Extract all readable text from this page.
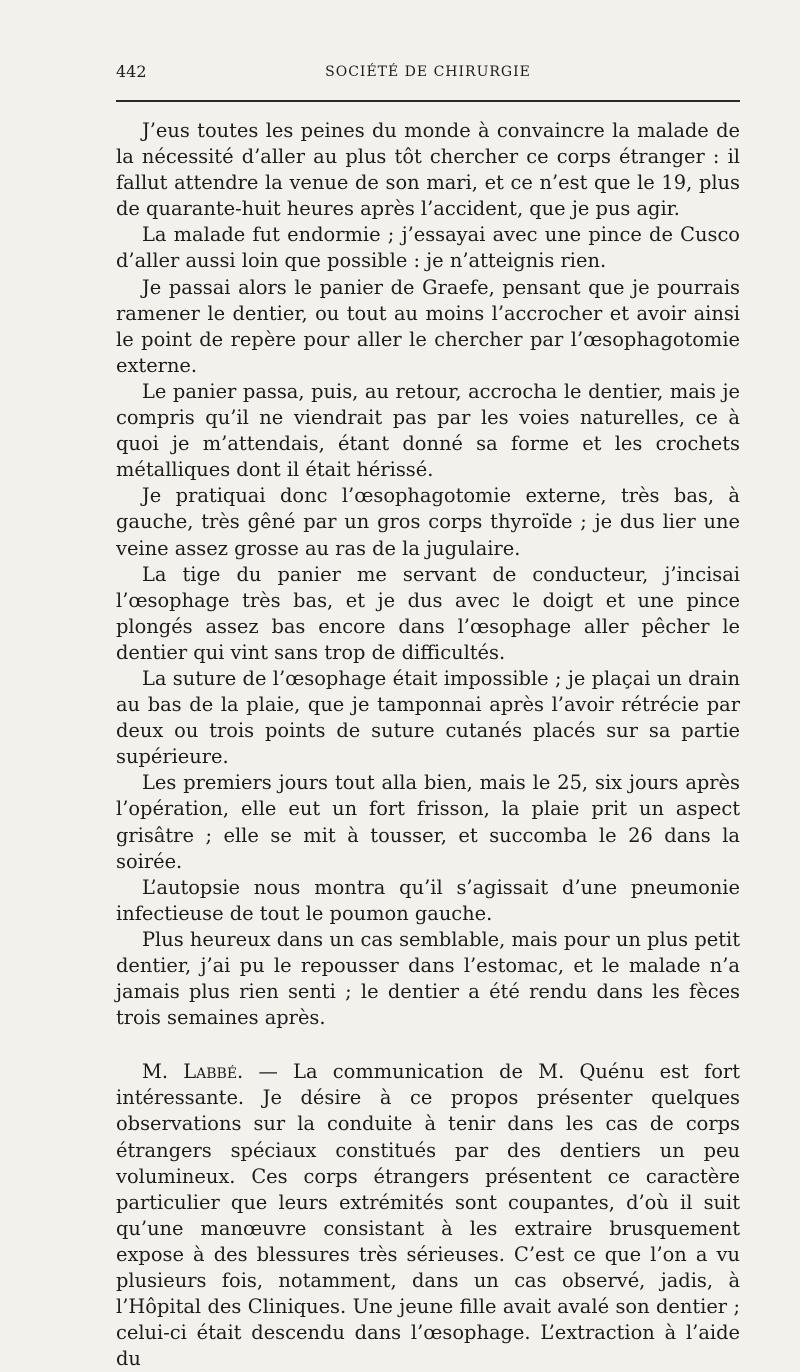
442	SOCIÉTÉ DE CHIRURGIE

J’eus toutes les peines du monde à convaincre la malade de la nécessité d’aller au plus tôt chercher ce corps étranger : il fallut attendre la venue de son mari, et ce n’est que le 19, plus de quarante-huit heures après l’accident, que je pus agir.

La malade fut endormie ; j’essayai avec une pince de Cusco d’aller aussi loin que possible : je n’atteignis rien.

Je passai alors le panier de Graefe, pensant que je pourrais ramener le dentier, ou tout au moins l’accrocher et avoir ainsi le point de repère pour aller le chercher par l’œsophagotomie externe.

Le panier passa, puis, au retour, accrocha le dentier, mais je compris qu’il ne viendrait pas par les voies naturelles, ce à quoi je m’attendais, étant donné sa forme et les crochets métalliques dont il était hérissé.

Je pratiquai donc l’œsophagotomie externe, très bas, à gauche, très gêné par un gros corps thyroïde ; je dus lier une veine assez grosse au ras de la jugulaire.

La tige du panier me servant de conducteur, j’incisai l’œsophage très bas, et je dus avec le doigt et une pince plongés assez bas encore dans l’œsophage aller pêcher le dentier qui vint sans trop de difficultés.

La suture de l’œsophage était impossible ; je plaçai un drain au bas de la plaie, que je tamponnai après l’avoir rétrécie par deux ou trois points de suture cutanés placés sur sa partie supérieure.

Les premiers jours tout alla bien, mais le 25, six jours après l’opération, elle eut un fort frisson, la plaie prit un aspect grisâtre ; elle se mit à tousser, et succomba le 26 dans la soirée.

L’autopsie nous montra qu’il s’agissait d’une pneumonie infectieuse de tout le poumon gauche.

Plus heureux dans un cas semblable, mais pour un plus petit dentier, j’ai pu le repousser dans l’estomac, et le malade n’a jamais plus rien senti ; le dentier a été rendu dans les fèces trois semaines après.

M. Labbé. — La communication de M. Quénu est fort intéressante. Je désire à ce propos présenter quelques observations sur la conduite à tenir dans les cas de corps étrangers spéciaux constitués par des dentiers un peu volumineux. Ces corps étrangers présentent ce caractère particulier que leurs extrémités sont coupantes, d’où il suit qu’une manœuvre consistant à les extraire brusquement expose à des blessures très sérieuses. C’est ce que l’on a vu plusieurs fois, notamment, dans un cas observé, jadis, à l’Hôpital des Cliniques. Une jeune fille avait avalé son dentier ; celui-ci était descendu dans l’œsophage. L’extraction à l’aide du
